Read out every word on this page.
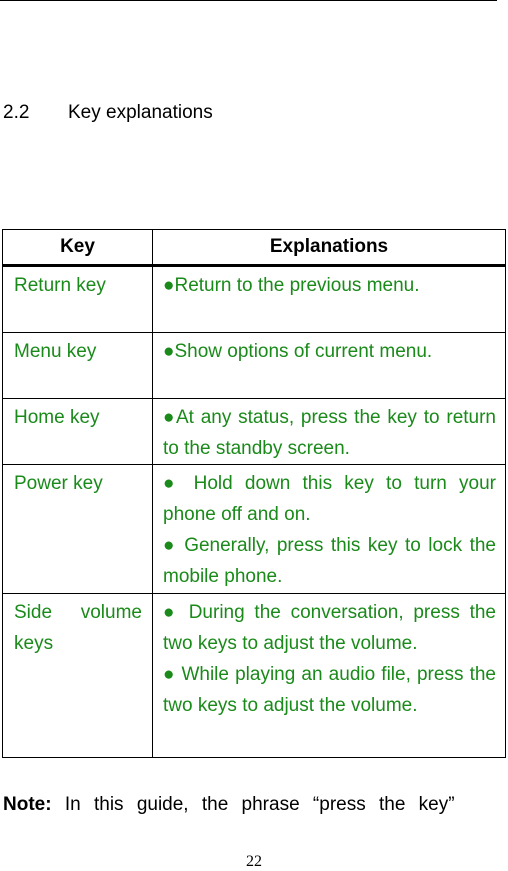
2.2 Key explanations
Key	Explanations
Return key	●Return to the previous menu.

Menu key	●Show options of current menu.

Home key	●At any status, press the key to return to the standby screen.

Power key	● Hold down this key to turn your phone off and on.
● Generally, press this key to lock the mobile phone.

Side volume keys	● During the conversation, press the two keys to adjust the volume.
● While playing an audio file, press the two keys to adjust the volume.
Note: In this guide, the phrase “press the key”
22
